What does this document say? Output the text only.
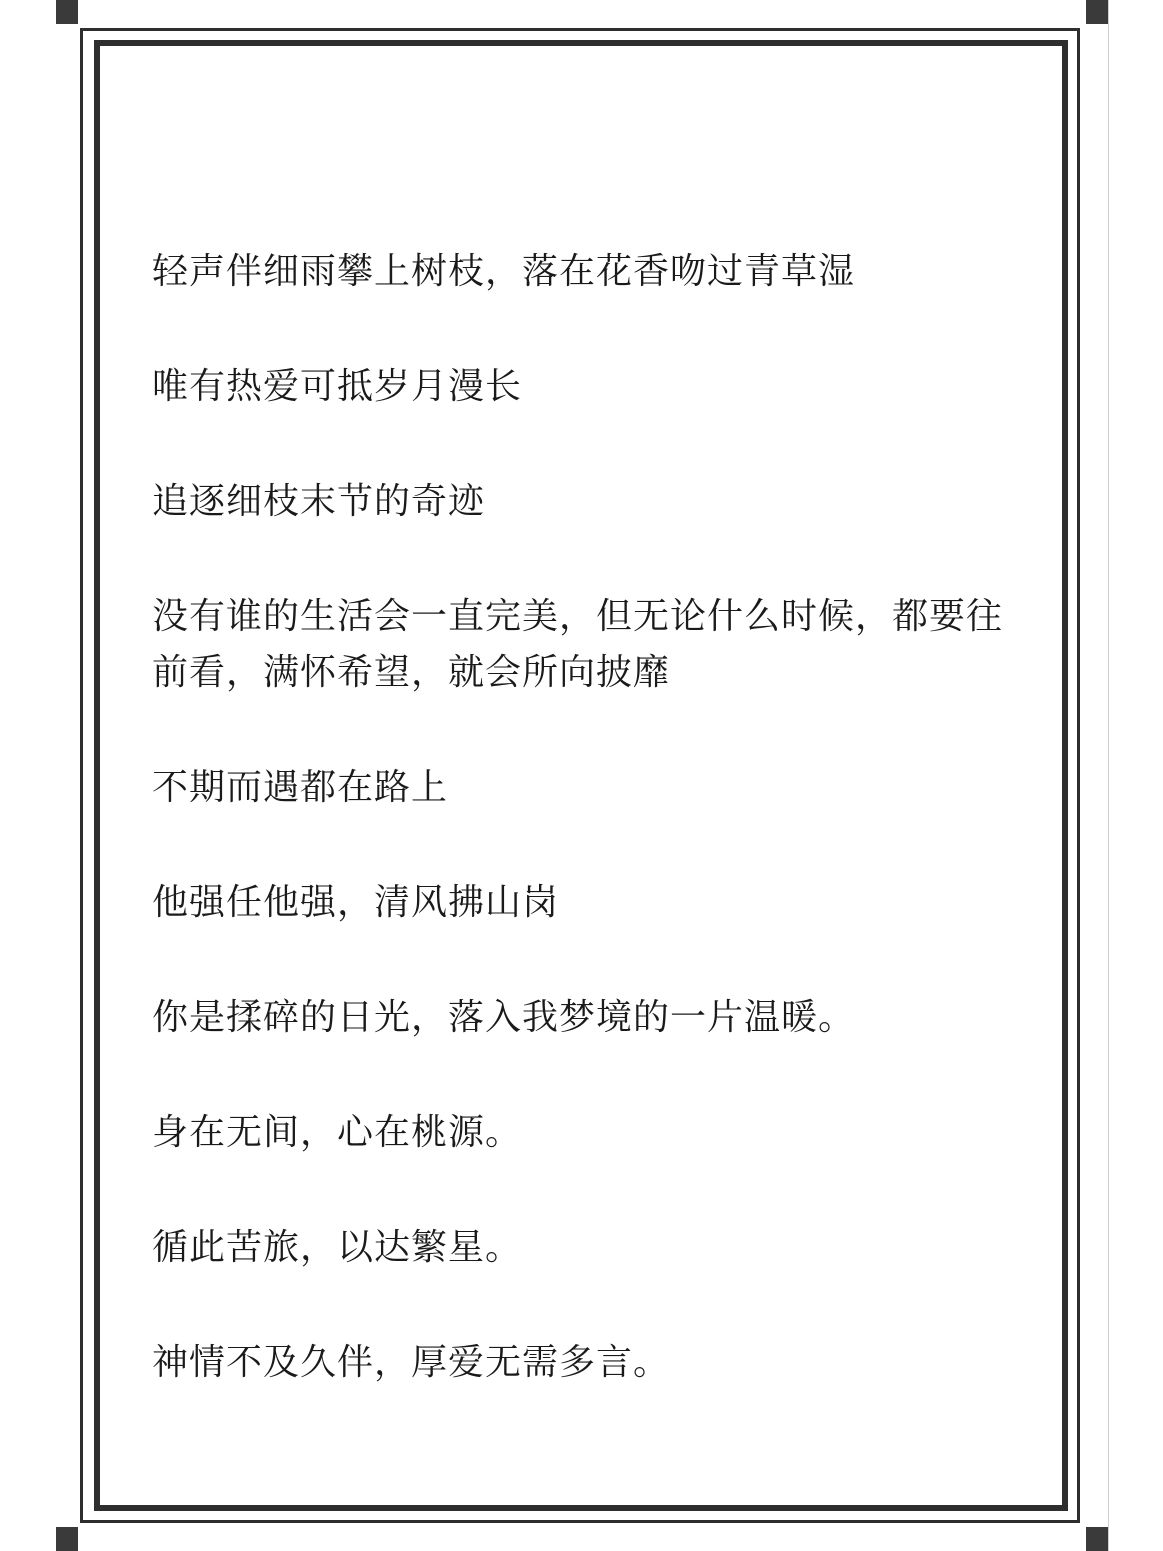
轻声伴细雨攀上树枝，落在花香吻过青草湿
唯有热爱可抵岁月漫长
追逐细枝末节的奇迹
没有谁的生活会一直完美，但无论什么时候，都要往前看，满怀希望，就会所向披靡
不期而遇都在路上
他强任他强，清风拂山岗
你是揉碎的日光，落入我梦境的一片温暖。
身在无间，心在桃源。
循此苦旅，以达繁星。
神情不及久伴，厚爱无需多言。
